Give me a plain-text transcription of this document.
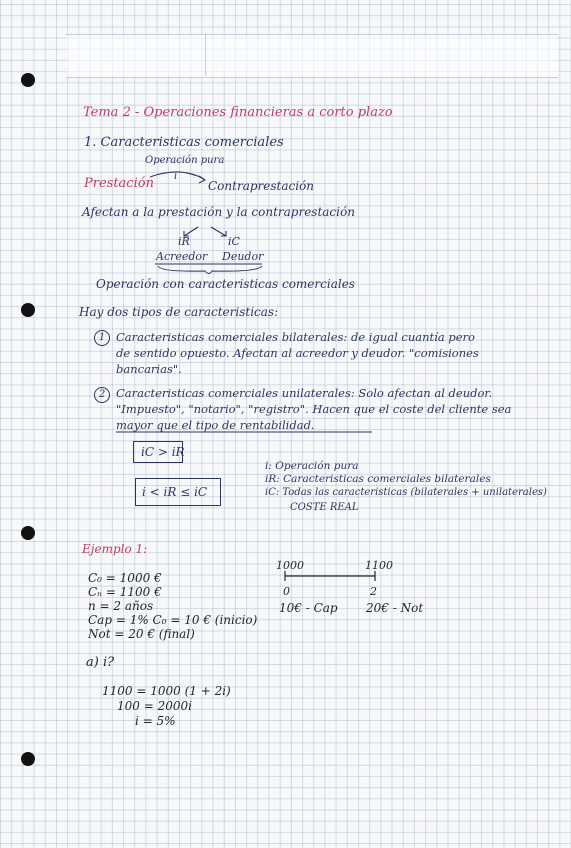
Tema 2 - Operaciones financieras a corto plazo
1. Caracteristicas comerciales
Operación pura
Prestación i
Contraprestación
Afectan a la prestación y la contraprestación
iR	iC
Acreedor Deudor
Operación con caracteristicas comerciales
Hay dos tipos de caracteristicas:
1 Caracteristicas comerciales bilaterales: de igual cuantía pero
de sentido opuesto. Afectan al acreedor y deudor. "comisiones
bancarias".
2 Caracteristicas comerciales unilaterales: Solo afectan al deudor.
"Impuesto", "notario", "registro". Hacen que el coste del cliente sea
mayor que el tipo de rentabilidad.
iC > iR
i < iR ≤ iC
i: Operación pura
iR: Caracteristicas comerciales bilaterales
iC: Todas las caracteristicas (bilaterales + unilaterales)
COSTE REAL
Ejemplo 1:
C₀ = 1000 €
Cₙ = 1100 €
n = 2 años
Cap = 1% C₀ = 10 € (inicio)
Not = 20 € (final)
1000	1100
0	2
10€ - Cap 20€ - Not
a) i?
1100 = 1000 (1 + 2i)
100 = 2000i
i = 5%
